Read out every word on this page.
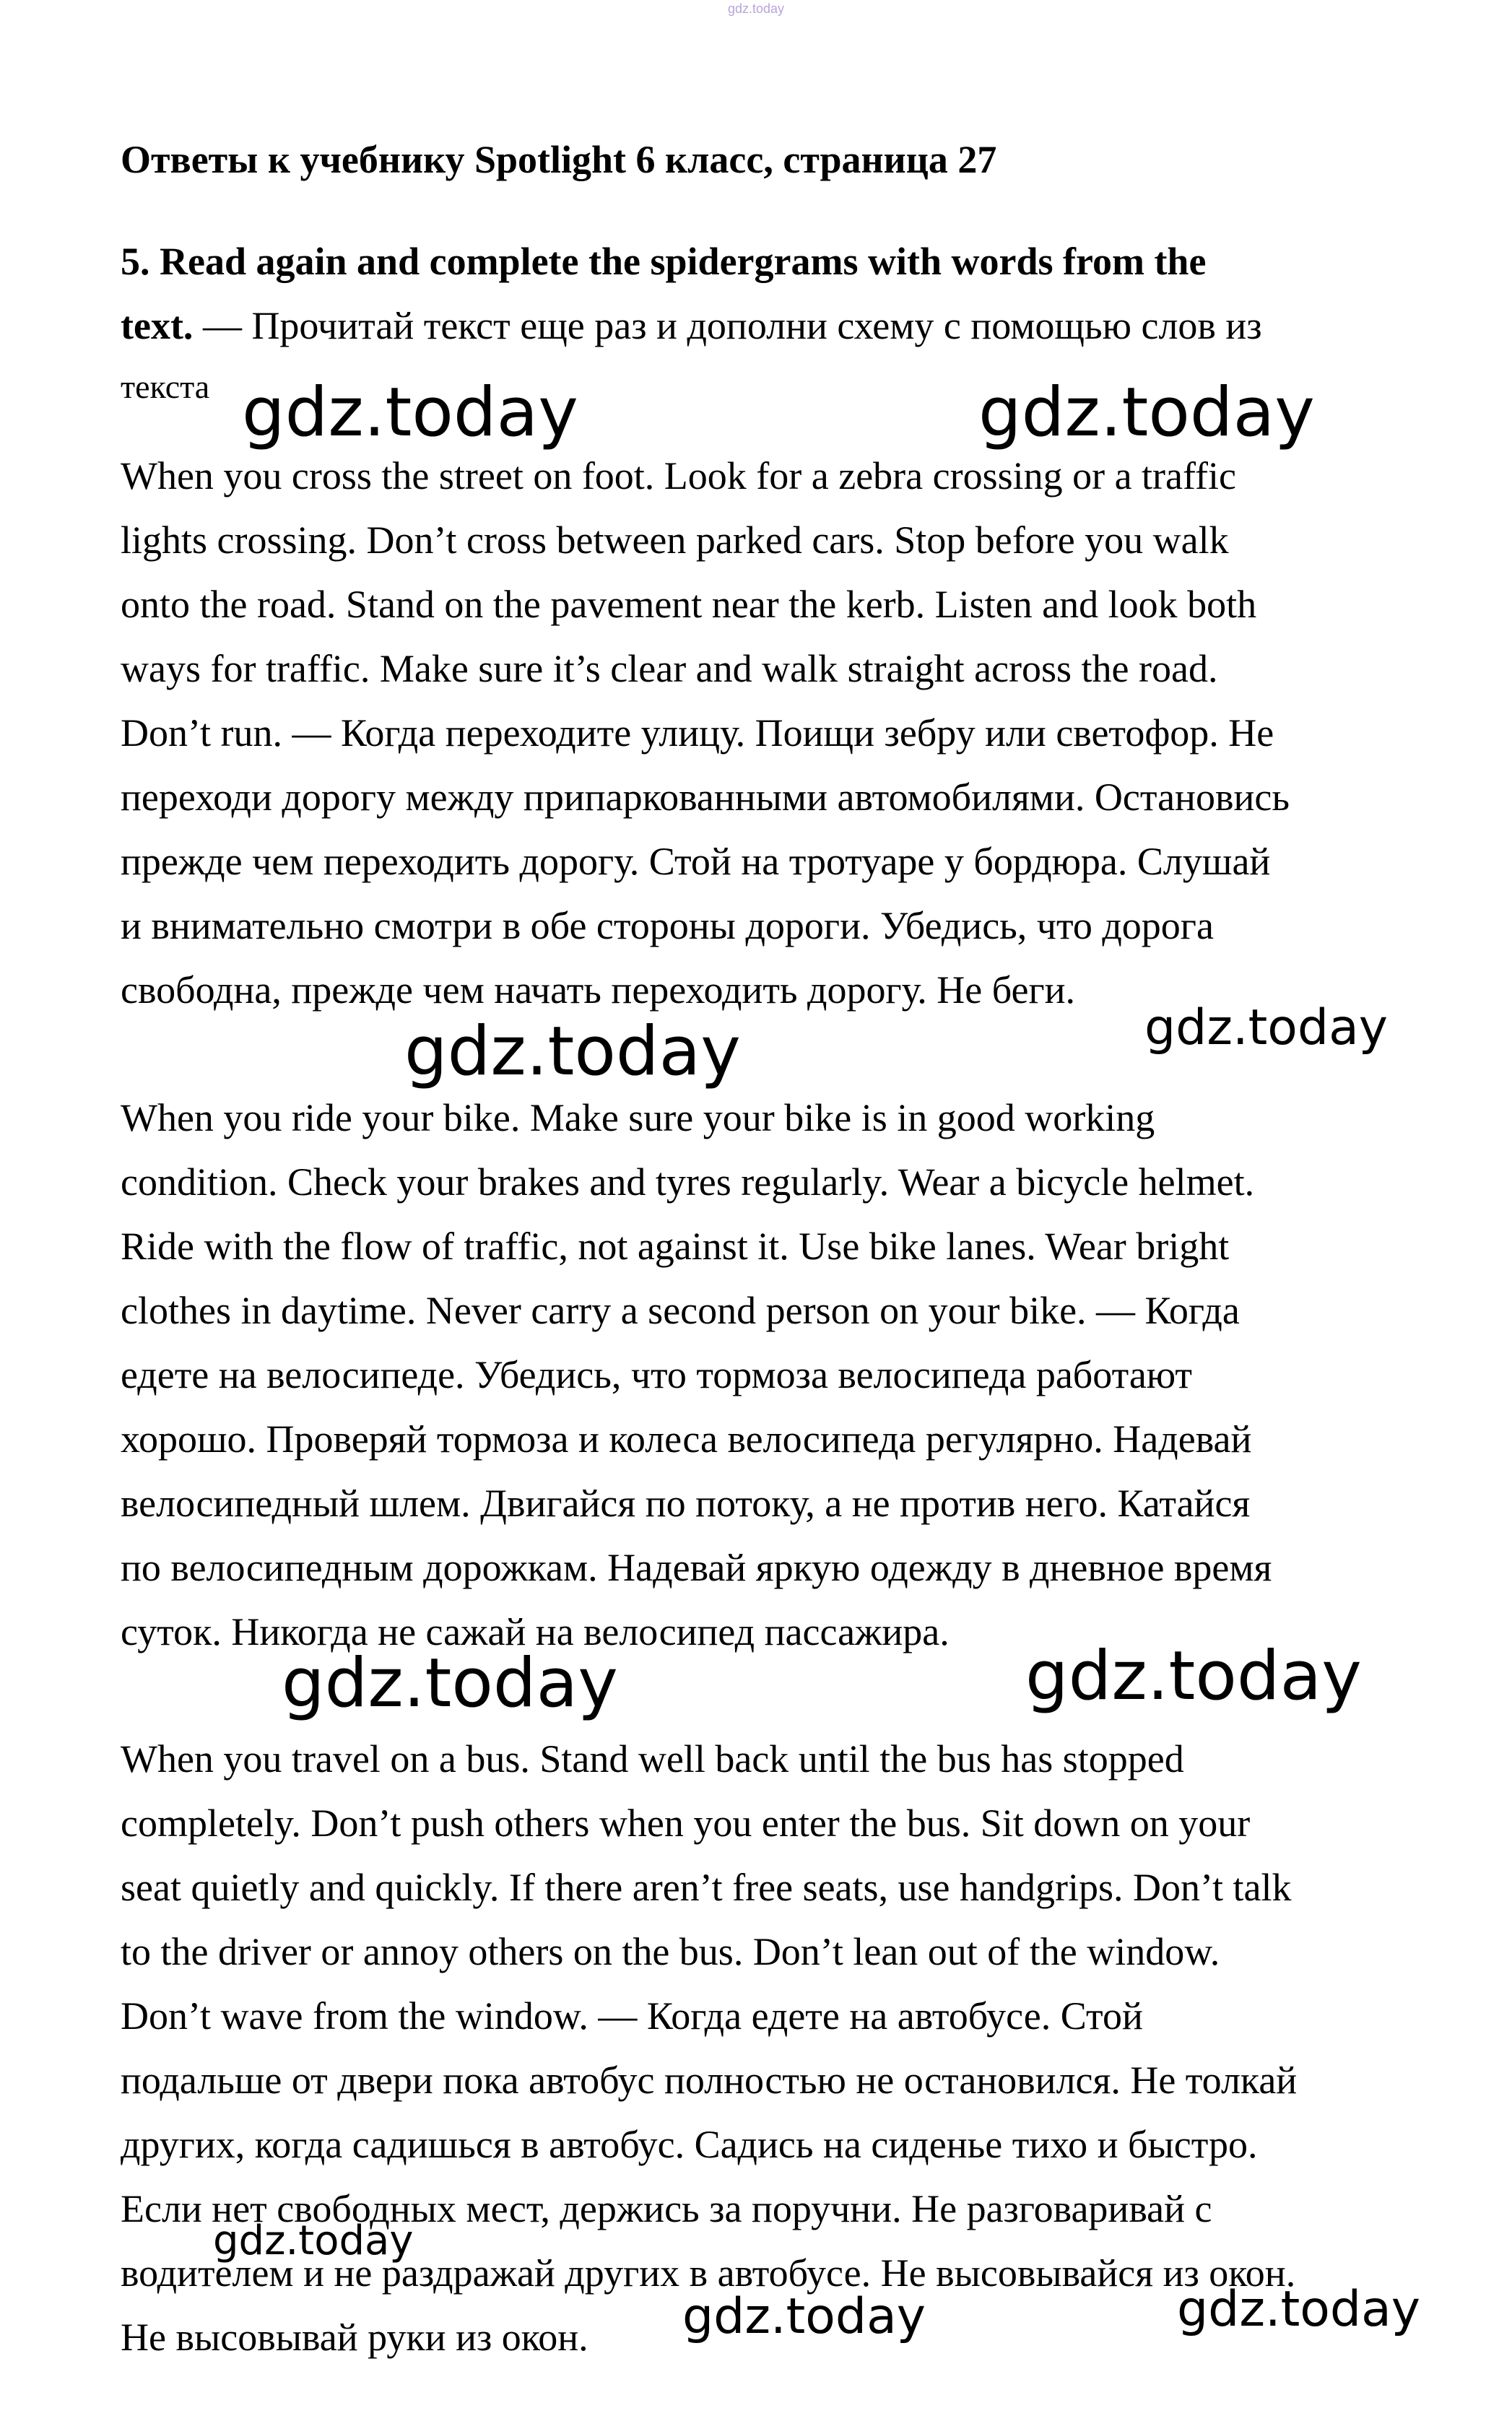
gdz.today
Ответы к учебнику Spotlight 6 класс, страница 27
5. Read again and complete the spidergrams with words from the
text. — Прочитай текст еще раз и дополни схему с помощью слов из
текста
When you cross the street on foot. Look for a zebra crossing or a traffic
lights crossing. Don’t cross between parked cars. Stop before you walk
onto the road. Stand on the pavement near the kerb. Listen and look both
ways for traffic. Make sure it’s clear and walk straight across the road.
Don’t run. — Когда переходите улицу. Поищи зебру или светофор. Не
переходи дорогу между припаркованными автомобилями. Остановись
прежде чем переходить дорогу. Стой на тротуаре у бордюра. Слушай
и внимательно смотри в обе стороны дороги. Убедись, что дорога
свободна, прежде чем начать переходить дорогу. Не беги.
When you ride your bike. Make sure your bike is in good working
condition. Check your brakes and tyres regularly. Wear a bicycle helmet.
Ride with the flow of traffic, not against it. Use bike lanes. Wear bright
clothes in daytime. Never carry a second person on your bike. — Когда
едете на велосипеде. Убедись, что тормоза велосипеда работают
хорошо. Проверяй тормоза и колеса велосипеда регулярно. Надевай
велосипедный шлем. Двигайся по потоку, а не против него. Катайся
по велосипедным дорожкам. Надевай яркую одежду в дневное время
суток. Никогда не сажай на велосипед пассажира.
When you travel on a bus. Stand well back until the bus has stopped
completely. Don’t push others when you enter the bus. Sit down on your
seat quietly and quickly. If there aren’t free seats, use handgrips. Don’t talk
to the driver or annoy others on the bus. Don’t lean out of the window.
Don’t wave from the window. — Когда едете на автобусе. Стой
подальше от двери пока автобус полностью не остановился. Не толкай
других, когда садишься в автобус. Садись на сиденье тихо и быстро.
Если нет свободных мест, держись за поручни. Не разговаривай с
водителем и не раздражай других в автобусе. Не высовывайся из окон.
Не высовывай руки из окон.
gdz.today	gdz.today
gdz.today	gdz.today
gdz.today	gdz.today
gdz.today
gdz.today	gdz.today
